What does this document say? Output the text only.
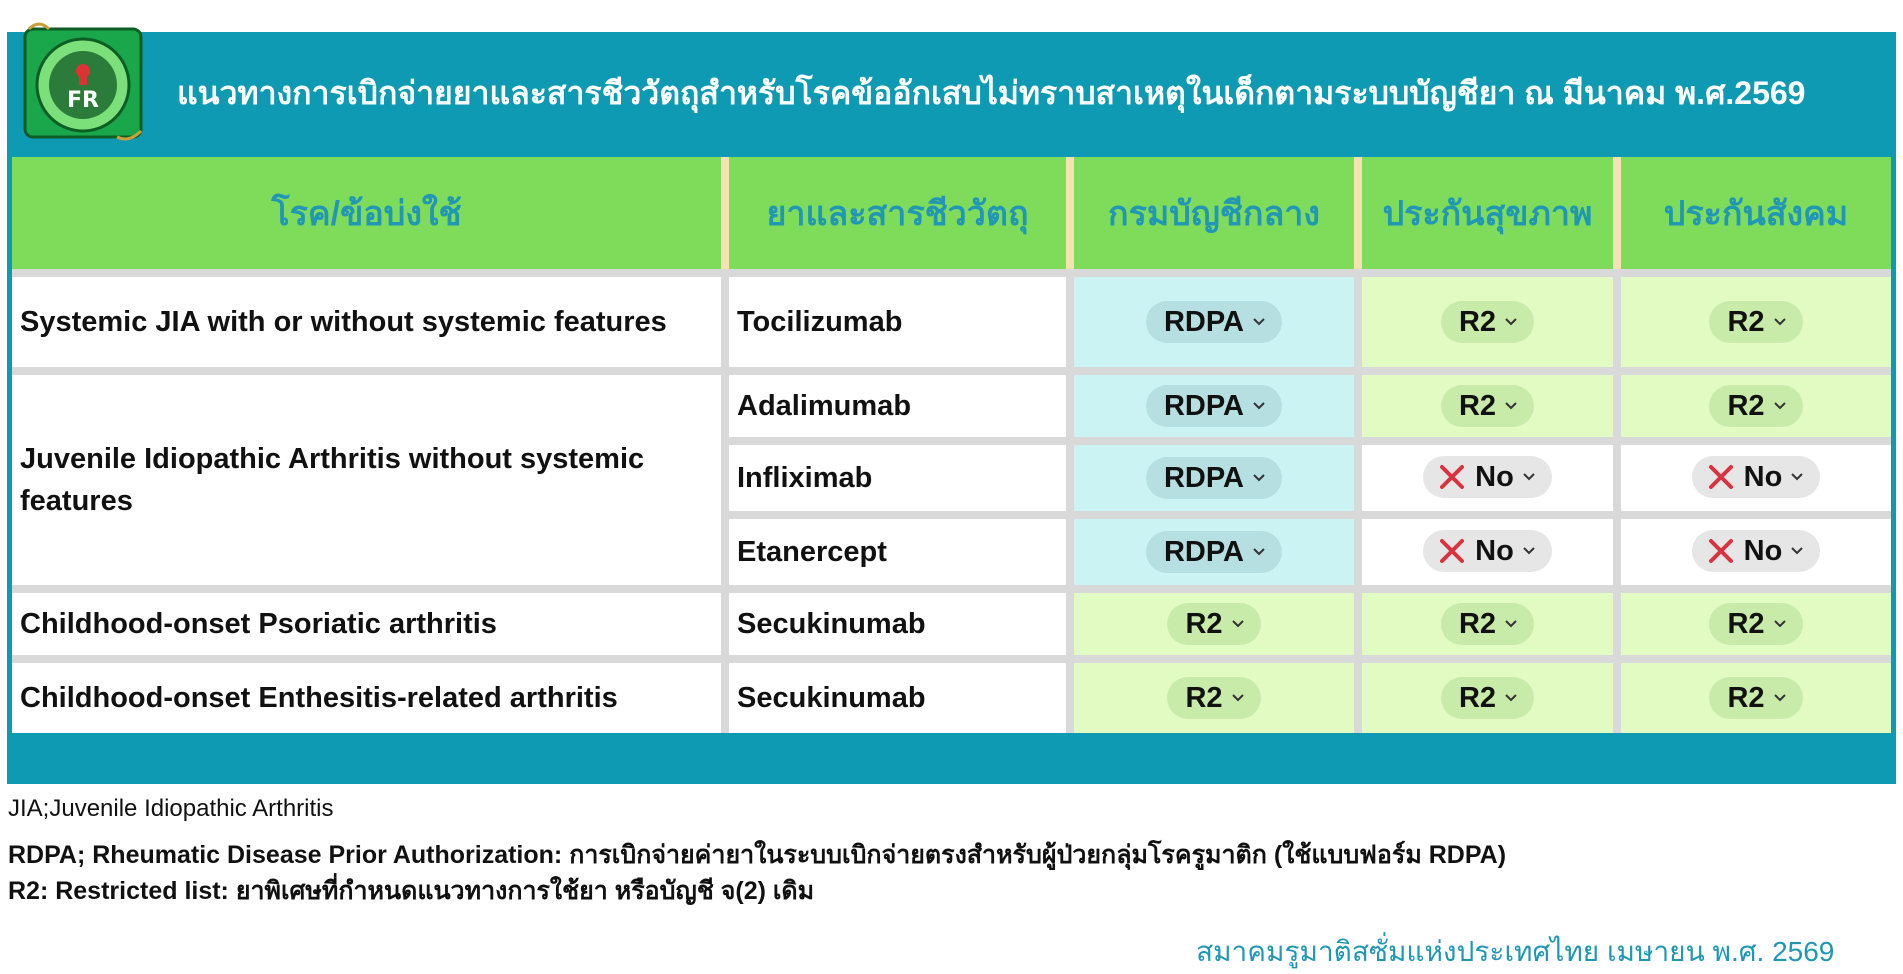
FR แนวทางการเบิกจ่ายยาและสารชีววัตถุสำหรับโรคข้ออักเสบไม่ทราบสาเหตุในเด็กตามระบบบัญชียา ณ มีนาคม พ.ศ.2569
โรค/ข้อบ่งใช้	ยาและสารชีววัตถุ	กรมบัญชีกลาง	ประกันสุขภาพ	ประกันสังคม
Systemic JIA with or without systemic features	Tocilizumab	RDPA	R2	R2

Juvenile Idiopathic Arthritis without systemic features	Adalimumab	RDPA	R2	R2

	Infliximab	RDPA	No	No

	Etanercept	RDPA	No	No

Childhood-onset Psoriatic arthritis	Secukinumab	R2	R2	R2

Childhood-onset Enthesitis-related arthritis	Secukinumab	R2	R2	R2
JIA;Juvenile Idiopathic Arthritis
RDPA; Rheumatic Disease Prior Authorization: การเบิกจ่ายค่ายาในระบบเบิกจ่ายตรงสำหรับผู้ป่วยกลุ่มโรครูมาติก (ใช้แบบฟอร์ม RDPA)
R2: Restricted list: ยาพิเศษที่กำหนดแนวทางการใช้ยา หรือบัญชี จ(2) เดิม
สมาคมรูมาติสซั่มแห่งประเทศไทย เมษายน พ.ศ. 2569
